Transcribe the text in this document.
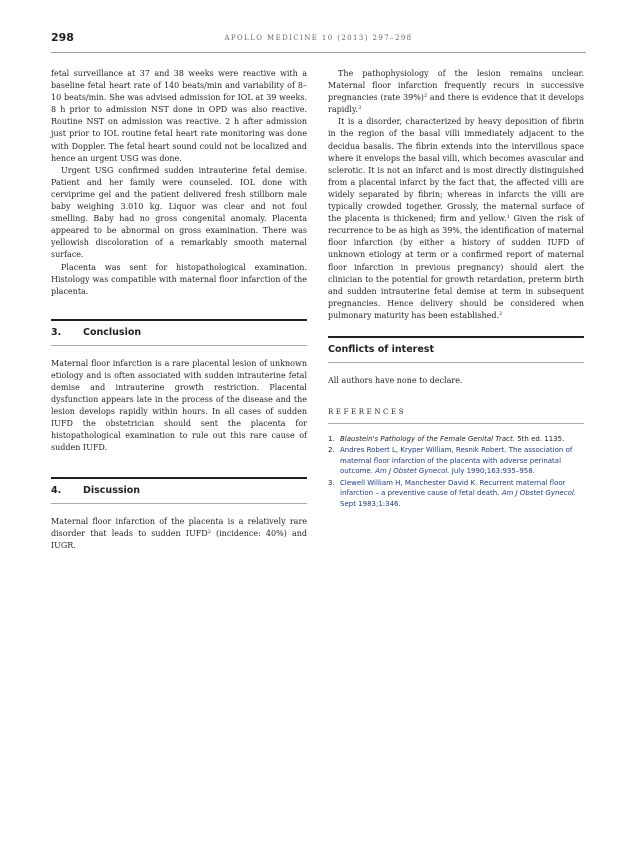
298	APOLLO MEDICINE 10 (2013) 297–298

fetal surveillance at 37 and 38 weeks were reactive with a baseline fetal heart rate of 140 beats/min and variability of 8–10 beats/min. She was advised admission for IOL at 39 weeks. 8 h prior to admission NST done in OPD was also reactive. Routine NST on admission was reactive. 2 h after admission just prior to IOL routine fetal heart rate monitoring was done with Doppler. The fetal heart sound could not be localized and hence an urgent USG was done.

Urgent USG confirmed sudden intrauterine fetal demise. Patient and her family were counseled. IOL done with cerviprime gel and the patient delivered fresh stillborn male baby weighing 3.010 kg. Liquor was clear and not foul smelling. Baby had no gross congenital anomaly. Placenta appeared to be abnormal on gross examination. There was yellowish discoloration of a remarkably smooth maternal surface.

Placenta was sent for histopathological examination. Histology was compatible with maternal floor infarction of the placenta.

3.	Conclusion

Maternal floor infarction is a rare placental lesion of unknown etiology and is often associated with sudden intrauterine fetal demise and intrauterine growth restriction. Placental dysfunction appears late in the process of the disease and the lesion develops rapidly within hours. In all cases of sudden IUFD the obstetrician should sent the placenta for histopathological examination to rule out this rare cause of sudden IUFD.

4.	Discussion

Maternal floor infarction of the placenta is a relatively rare disorder that leads to sudden IUFD$^2$ (incidence: 40%) and IUGR.

The pathophysiology of the lesion remains unclear. Maternal floor infarction frequently recurs in successive pregnancies (rate 39%)$^2$ and there is evidence that it develops rapidly.$^3$

It is a disorder, characterized by heavy deposition of fibrin in the region of the basal villi immediately adjacent to the decidua basalis. The fibrin extends into the intervillous space where it envelops the basal villi, which becomes avascular and sclerotic. It is not an infarct and is most directly distinguished from a placental infarct by the fact that, the affected villi are widely separated by fibrin; whereas in infarcts the villi are typically crowded together. Grossly, the maternal surface of the placenta is thickened; firm and yellow.$^1$ Given the risk of recurrence to be as high as 39%, the identification of maternal floor infarction (by either a history of sudden IUFD of unknown etiology at term or a confirmed report of maternal floor infarction in previous pregnancy) should alert the clinician to the potential for growth retardation, preterm birth and sudden intrauterine fetal demise at term in subsequent pregnancies. Hence delivery should be considered when pulmonary maturity has been established.$^2$

Conflicts of interest

All authors have none to declare.

REFERENCES
1. Blaustein's Pathology of the Female Genital Tract. 5th ed. 1135.
2. Andres Robert L, Kryper William, Resnik Robert. The association of maternal floor infarction of the placenta with adverse perinatal outcome. Am J Obstet Gynecol. July 1990;163:935–958.
3. Clewell William H, Manchester David K. Recurrent maternal floor infarction – a preventive cause of fetal death. Am J Obstet Gynecol. Sept 1983;1:346.
